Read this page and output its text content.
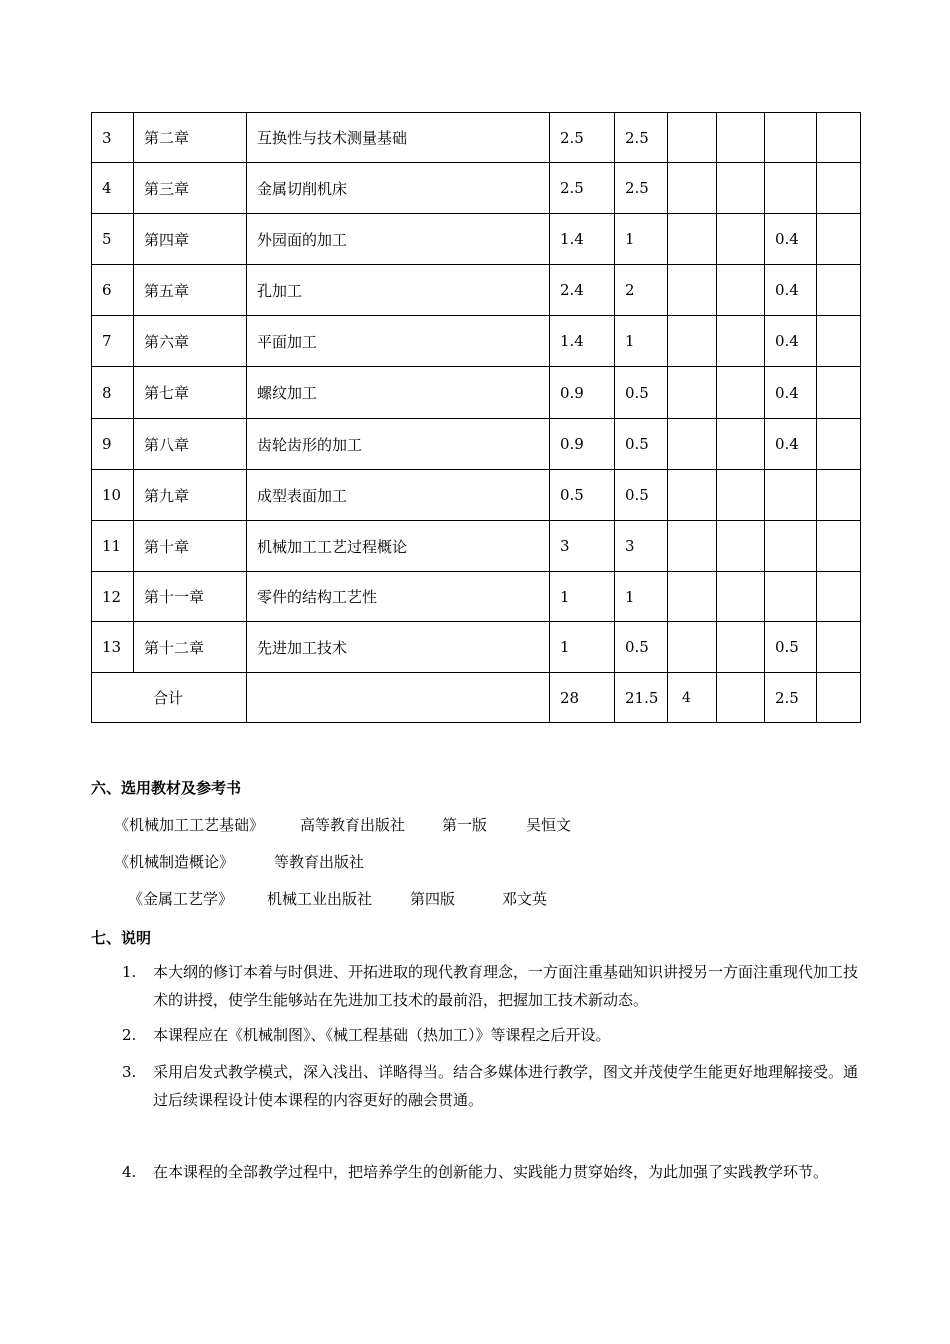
3	第二章	互换性与技术测量基础	2.5	2.5				
4	第三章	金属切削机床	2.5	2.5				
5	第四章	外园面的加工	1.4	1			0.4	
6	第五章	孔加工	2.4	2			0.4	
7	第六章	平面加工	1.4	1			0.4	
8	第七章	螺纹加工	0.9	0.5			0.4	
9	第八章	齿轮齿形的加工	0.9	0.5			0.4	
10	第九章	成型表面加工	0.5	0.5				
11	第十章	机械加工工艺过程概论	3	3				
12	第十一章	零件的结构工艺性	1	1				
13	第十二章	先进加工技术	1	0.5			0.5	
合计			28	21.5	4		2.5	
六、选用教材及参考书
《机械加工工艺基础》 高等教育出版社 第一版	吴恒文
《机械制造概论》	等教育出版社
《金属工艺学》 机械工业出版社	第四版	邓文英
七、说明
1. 本大纲的修订本着与时俱进、开拓进取的现代教育理念，一方面注重基础知识讲授另一方面注重现代加工技术的讲授，使学生能够站在先进加工技术的最前沿，把握加工技术新动态。
2. 本课程应在《机械制图》、《械工程基础（热加工）》等课程之后开设。
3. 采用启发式教学模式，深入浅出、详略得当。结合多媒体进行教学，图文并茂使学生能更好地理解接受。通过后续课程设计使本课程的内容更好的融会贯通。
4. 在本课程的全部教学过程中，把培养学生的创新能力、实践能力贯穿始终，为此加强了实践教学环节。
